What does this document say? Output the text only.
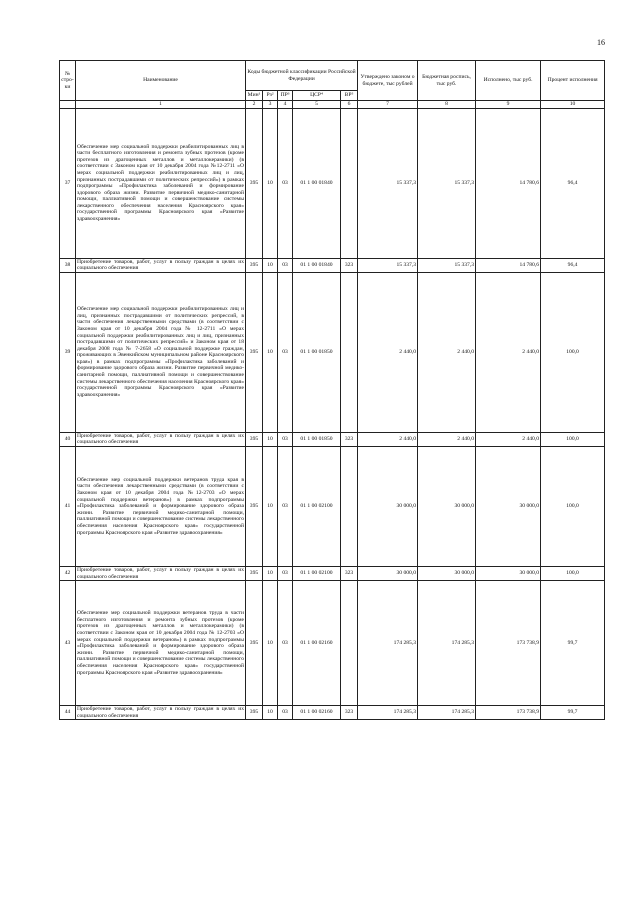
16
№ стро-ки	Наименование	Коды бюджетной классификации Российской Федерации					Утверждено законом о бюджете, тыс рублей	Бюджетная роспись, тыс руб.	Исполнено, тыс руб.	Процент исполнения
		Мин¹	Рз²	ПР³	ЦСР⁴	ВР⁵				
	1	2	3	4	5	6	7	8	9	10
37	Обеспечение мер социальной поддержки реабилитированных лиц в части бесплатного изготовления и ремонта зубных протезов (кроме протезов из драгоценных металлов и металлокерамики) (в соответствии с Законом края от 10 декабря 2004 года №12-2711 «О мерах социальной поддержки реабилитированных лиц и лиц, признанных пострадавшими от политических репрессий») в рамках подпрограммы «Профилактика заболеваний и формирование здорового образа жизни. Развитие первичной медико-санитарной помощи, паллиативной помощи и совершенствование системы лекарственного обеспечения населения Красноярского края» государственной программы Красноярского края «Развитие здравоохранения»	395	10	03	01 1 00 01840		15 337,3	15 337,3	14 780,6	96,4
38	Приобретение товаров, работ, услуг в пользу граждан в целях их социального обеспечения	395	10	03	01 1 00 01840	323	15 337,3	15 337,3	14 780,6	96,4
39	Обеспечение мер социальной поддержки реабилитированных лиц и лиц, признанных пострадавшими от политических репрессий, в части обеспечения лекарственными средствами (в соответствии с Законом края от 10 декабря 2004 года № 12-2711 «О мерах социальной поддержки реабилитированных лиц и лиц, признанных пострадавшими от политических репрессий» и Законом края от 18 декабря 2008 года № 7-2658 «О социальной поддержке граждан, проживающих в Эвенкийском муниципальном районе Красноярского края») в рамках подпрограммы «Профилактика заболеваний и формирование здорового образа жизни. Развитие первичной медико-санитарной помощи, паллиативной помощи и совершенствование системы лекарственного обеспечения населения Красноярского края» государственной программы Красноярского края «Развитие здравоохранения»	395	10	03	01 1 00 01850		2 440,0	2 440,0	2 440,0	100,0
40	Приобретение товаров, работ, услуг в пользу граждан в целях их социального обеспечения	395	10	03	01 1 00 01850	323	2 440,0	2 440,0	2 440,0	100,0
41	Обеспечение мер социальной поддержки ветеранов труда края в части обеспечения лекарственными средствами (в соответствии с Законом края от 10 декабря 2004 года №12-2703 «О мерах социальной поддержки ветеранов») в рамках подпрограммы «Профилактика заболеваний и формирование здорового образа жизни. Развитие первичной медико-санитарной помощи, паллиативной помощи и совершенствование системы лекарственного обеспечения населения Красноярского края» государственной программы Красноярского края «Развитие здравоохранения»	395	10	03	01 1 00 02100		30 000,0	30 000,0	30 000,0	100,0
42	Приобретение товаров, работ, услуг в пользу граждан в целях их социального обеспечения	395	10	03	01 1 00 02100	323	30 000,0	30 000,0	30 000,0	100,0
43	Обеспечение мер социальной поддержки ветеранов труда в части бесплатного изготовления и ремонта зубных протезов (кроме протезов из драгоценных металлов и металлокерамики) (в соответствии с Законом края от 10 декабря 2004 года № 12-2703 «О мерах социальной поддержки ветеранов») в рамках подпрограммы «Профилактика заболеваний и формирование здорового образа жизни. Развитие первичной медико-санитарной помощи, паллиативной помощи и совершенствование системы лекарственного обеспечения населения Красноярского края» государственной программы Красноярского края «Развитие здравоохранения»	395	10	03	01 1 00 02160		174 285,3	174 285,3	173 738,9	99,7
44	Приобретение товаров, работ, услуг в пользу граждан в целях их социального обеспечения	395	10	03	01 1 00 02160	323	174 285,3	174 285,3	173 738,9	99,7
